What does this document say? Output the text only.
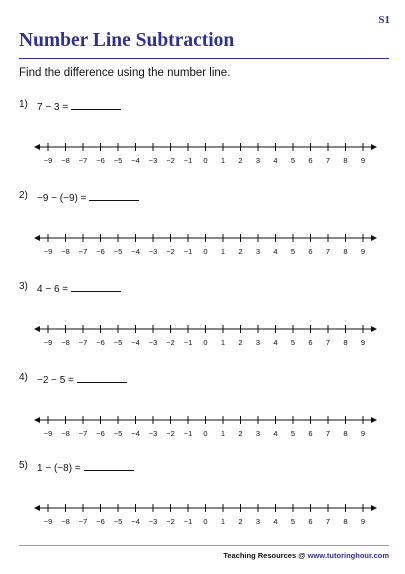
S1
Number Line Subtraction
Find the difference using the number line.
1) 7 − 3 =
−9 −8 −7 −6 −5 −4 −3 −2 −1 0 1 2 3 4 5 6 7 8 9
2) −9 − (−9) =
−9 −8 −7 −6 −5 −4 −3 −2 −1 0 1 2 3 4 5 6 7 8 9
3) 4 − 6 =
−9 −8 −7 −6 −5 −4 −3 −2 −1 0 1 2 3 4 5 6 7 8 9
4) −2 − 5 =
−9 −8 −7 −6 −5 −4 −3 −2 −1 0 1 2 3 4 5 6 7 8 9
5) 1 − (−8) =
−9 −8 −7 −6 −5 −4 −3 −2 −1 0 1 2 3 4 5 6 7 8 9
Teaching Resources @ www.tutoringhour.com
